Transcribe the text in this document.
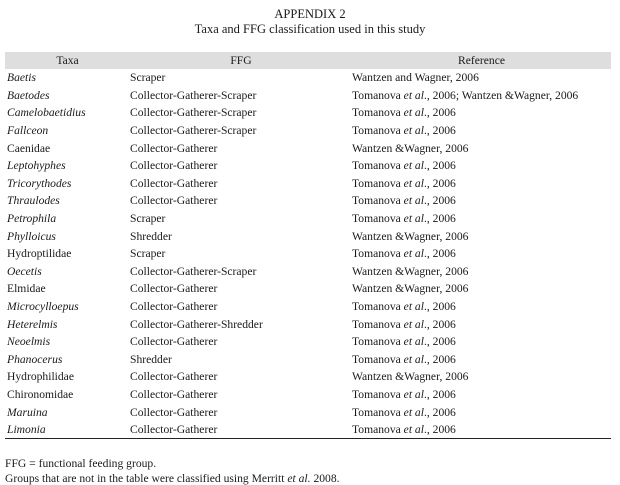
APPENDIX 2
Taxa and FFG classification used in this study
Taxa	FFG	Reference
Baetis	Scraper	Wantzen and Wagner, 2006
Baetodes	Collector-Gatherer-Scraper	Tomanova et al., 2006; Wantzen &Wagner, 2006
Camelobaetidius	Collector-Gatherer-Scraper	Tomanova et al., 2006
Fallceon	Collector-Gatherer-Scraper	Tomanova et al., 2006
Caenidae	Collector-Gatherer	Wantzen &Wagner, 2006
Leptohyphes	Collector-Gatherer	Tomanova et al., 2006
Tricorythodes	Collector-Gatherer	Tomanova et al., 2006
Thraulodes	Collector-Gatherer	Tomanova et al., 2006
Petrophila	Scraper	Tomanova et al., 2006
Phylloicus	Shredder	Wantzen &Wagner, 2006
Hydroptilidae	Scraper	Tomanova et al., 2006
Oecetis	Collector-Gatherer-Scraper	Wantzen &Wagner, 2006
Elmidae	Collector-Gatherer	Wantzen &Wagner, 2006
Microcylloepus	Collector-Gatherer	Tomanova et al., 2006
Heterelmis	Collector-Gatherer-Shredder	Tomanova et al., 2006
Neoelmis	Collector-Gatherer	Tomanova et al., 2006
Phanocerus	Shredder	Tomanova et al., 2006
Hydrophilidae	Collector-Gatherer	Wantzen &Wagner, 2006
Chironomidae	Collector-Gatherer	Tomanova et al., 2006
Maruina	Collector-Gatherer	Tomanova et al., 2006
Limonia	Collector-Gatherer	Tomanova et al., 2006
FFG = functional feeding group.
Groups that are not in the table were classified using Merritt et al. 2008.
